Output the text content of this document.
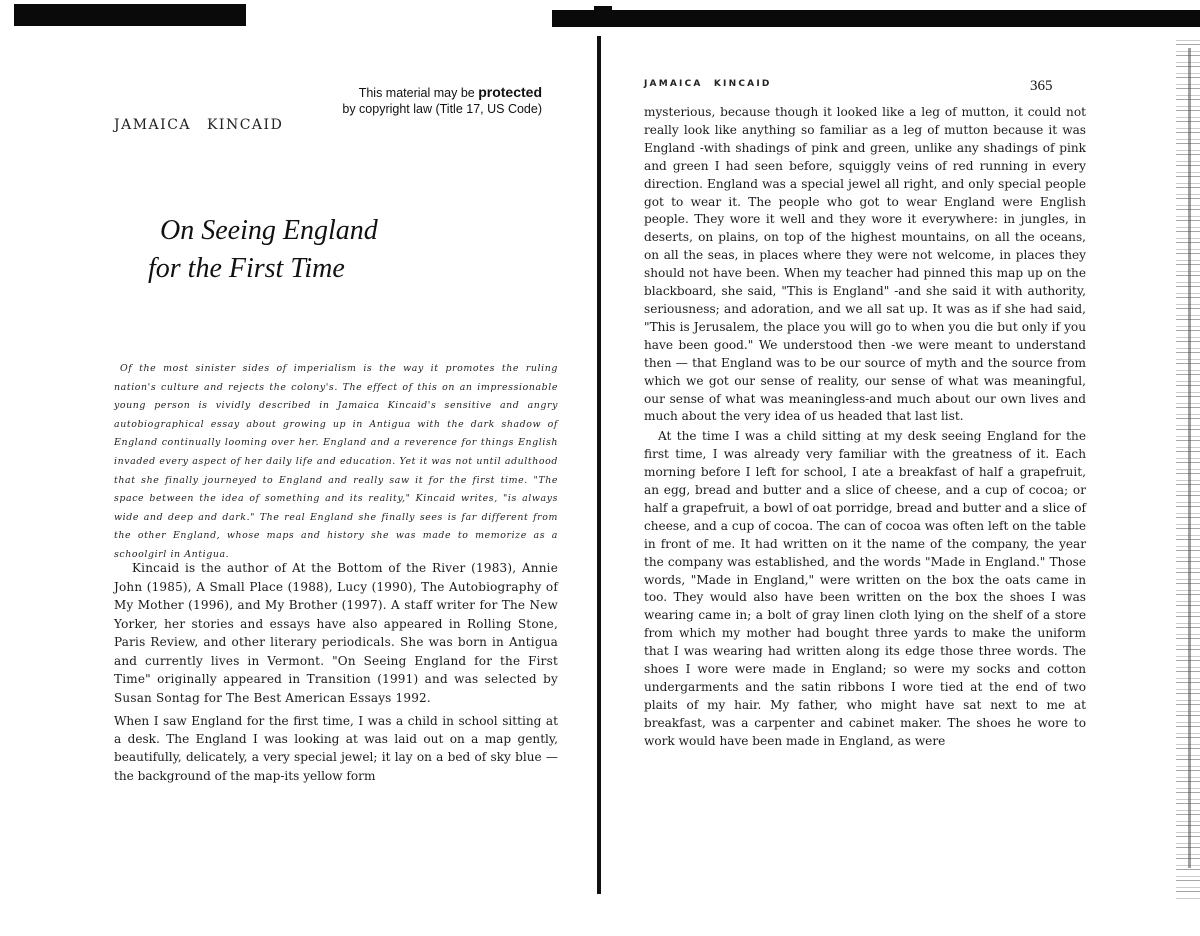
This material may be protected
by copyright law (Title 17, US Code)
JAMAICA KINCAID
On Seeing England
for the First Time
Of the most sinister sides of imperialism is the way it promotes the ruling nation's culture and rejects the colony's. The effect of this on an impressionable young person is vividly described in Jamaica Kincaid's sensitive and angry autobiographical essay about growing up in Antigua with the dark shadow of England continually looming over her. England and a reverence for things English invaded every aspect of her daily life and education. Yet it was not until adulthood that she finally journeyed to England and really saw it for the first time. "The space between the idea of something and its reality," Kincaid writes, "is always wide and deep and dark." The real England she finally sees is far different from the other England, whose maps and history she was made to memorize as a schoolgirl in Antigua.
Kincaid is the author of At the Bottom of the River (1983), Annie John (1985), A Small Place (1988), Lucy (1990), The Autobiography of My Mother (1996), and My Brother (1997). A staff writer for The New Yorker, her stories and essays have also appeared in Rolling Stone, Paris Review, and other literary periodicals. She was born in Antigua and currently lives in Vermont. "On Seeing England for the First Time" originally appeared in Transition (1991) and was selected by Susan Sontag for The Best American Essays 1992.
When I saw England for the first time, I was a child in school sitting at a desk. The England I was looking at was laid out on a map gently, beautifully, delicately, a very special jewel; it lay on a bed of sky blue — the background of the map-its yellow form
JAMAICA KINCAID	365

mysterious, because though it looked like a leg of mutton, it could not really look like anything so familiar as a leg of mutton because it was England -with shadings of pink and green, unlike any shadings of pink and green I had seen before, squiggly veins of red running in every direction. England was a special jewel all right, and only special people got to wear it. The people who got to wear England were English people. They wore it well and they wore it everywhere: in jungles, in deserts, on plains, on top of the highest mountains, on all the oceans, on all the seas, in places where they were not welcome, in places they should not have been. When my teacher had pinned this map up on the blackboard, she said, "This is England" -and she said it with authority, seriousness; and adoration, and we all sat up. It was as if she had said, "This is Jerusalem, the place you will go to when you die but only if you have been good." We understood then -we were meant to understand then — that England was to be our source of myth and the source from which we got our sense of reality, our sense of what was meaningful, our sense of what was meaningless-and much about our own lives and much about the very idea of us headed that last list.

At the time I was a child sitting at my desk seeing England for the first time, I was already very familiar with the greatness of it. Each morning before I left for school, I ate a breakfast of half a grapefruit, an egg, bread and butter and a slice of cheese, and a cup of cocoa; or half a grapefruit, a bowl of oat porridge, bread and butter and a slice of cheese, and a cup of cocoa. The can of cocoa was often left on the table in front of me. It had written on it the name of the company, the year the company was established, and the words "Made in England." Those words, "Made in England," were written on the box the oats came in too. They would also have been written on the box the shoes I was wearing came in; a bolt of gray linen cloth lying on the shelf of a store from which my mother had bought three yards to make the uniform that I was wearing had written along its edge those three words. The shoes I wore were made in England; so were my socks and cotton undergarments and the satin ribbons I wore tied at the end of two plaits of my hair. My father, who might have sat next to me at breakfast, was a carpenter and cabinet maker. The shoes he wore to work would have been made in England, as were
